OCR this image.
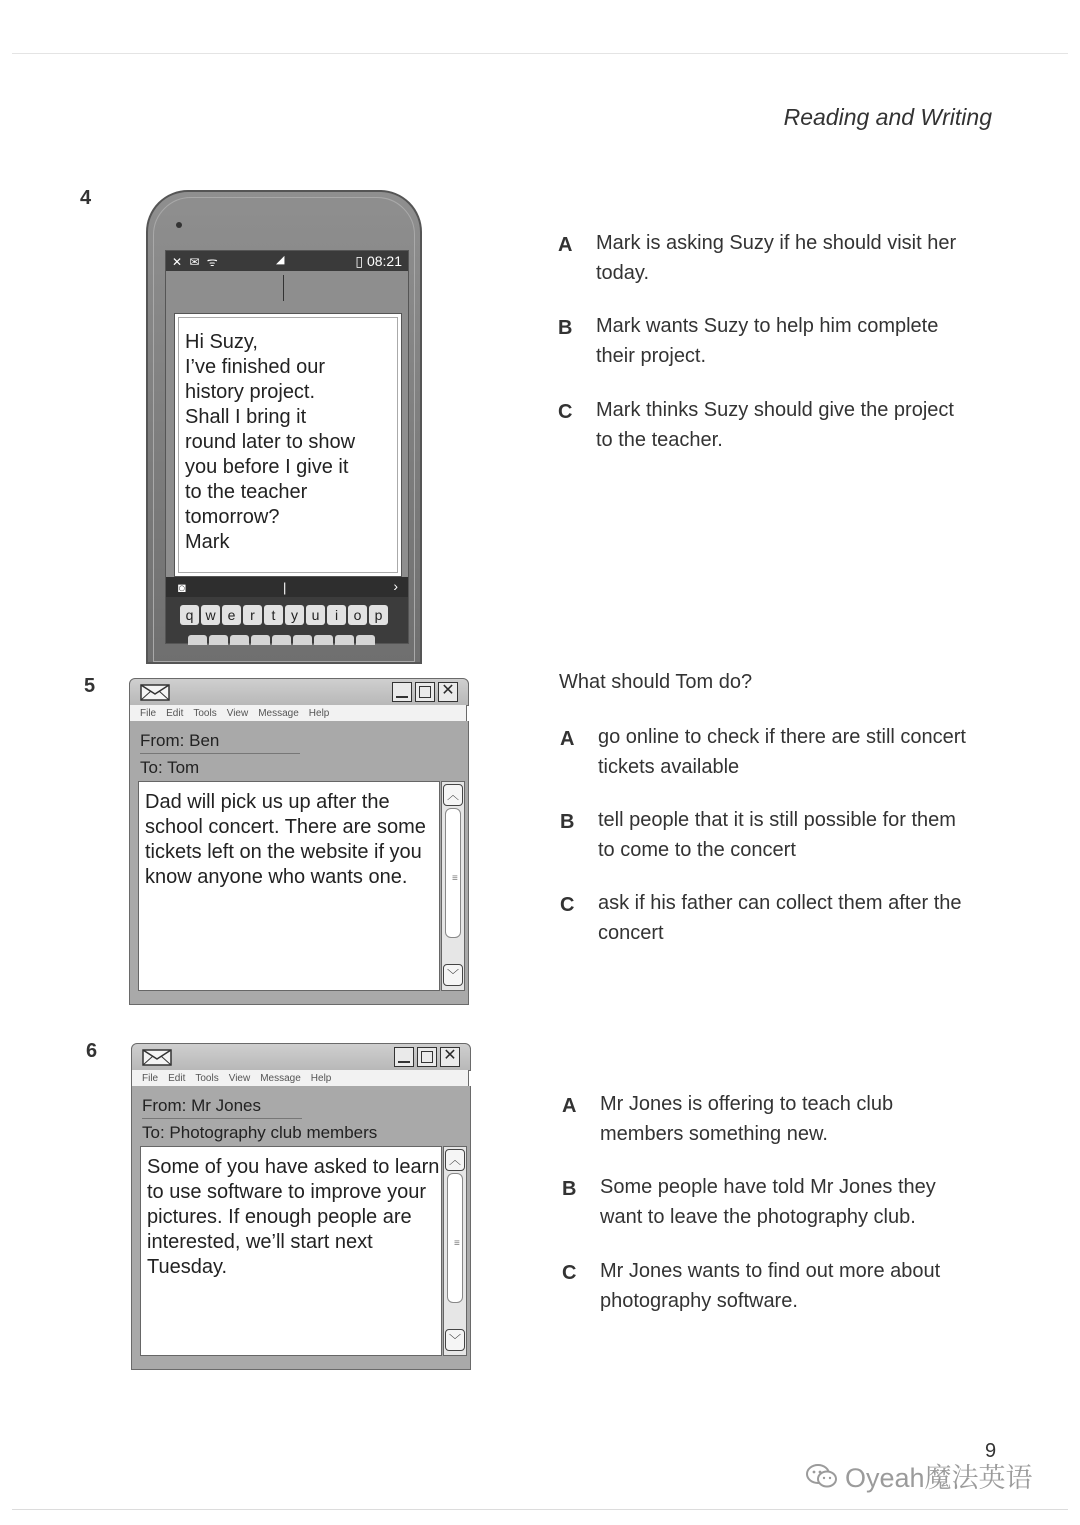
Reading and Writing
4
✕ ✉ ᯤ	◢	▯ 08:21
Hi Suzy,
I’ve finished our
history project.
Shall I bring it
round later to show
you before I give it
to the teacher
tomorrow?
Mark
◙	|	›
q w e	r	t	y u	i	o p
A Mark is asking Suzy if he should visit her today.
B Mark wants Suzy to help him complete their project.
C Mark thinks Suzy should give the project to the teacher.
5	✕
File Edit Tools View Message Help
From: Ben
To: Tom
Dad will pick us up after the school concert. There are some tickets left on the website if you know anyone who wants one.
︿
≡
﹀
What should Tom do?
A go online to check if there are still concert tickets available
B tell people that it is still possible for them to come to the concert
C ask if his father can collect them after the concert
6	✕
File Edit Tools View Message Help
From: Mr Jones
To: Photography club members
Some of you have asked to learn to use software to improve your pictures. If enough people are interested, we’ll start next Tuesday.
︿
≡
﹀
A Mr Jones is offering to teach club members something new.
B Some people have told Mr Jones they want to leave the photography club.
C Mr Jones wants to find out more about photography software.
9
Oyeah魔法英语
